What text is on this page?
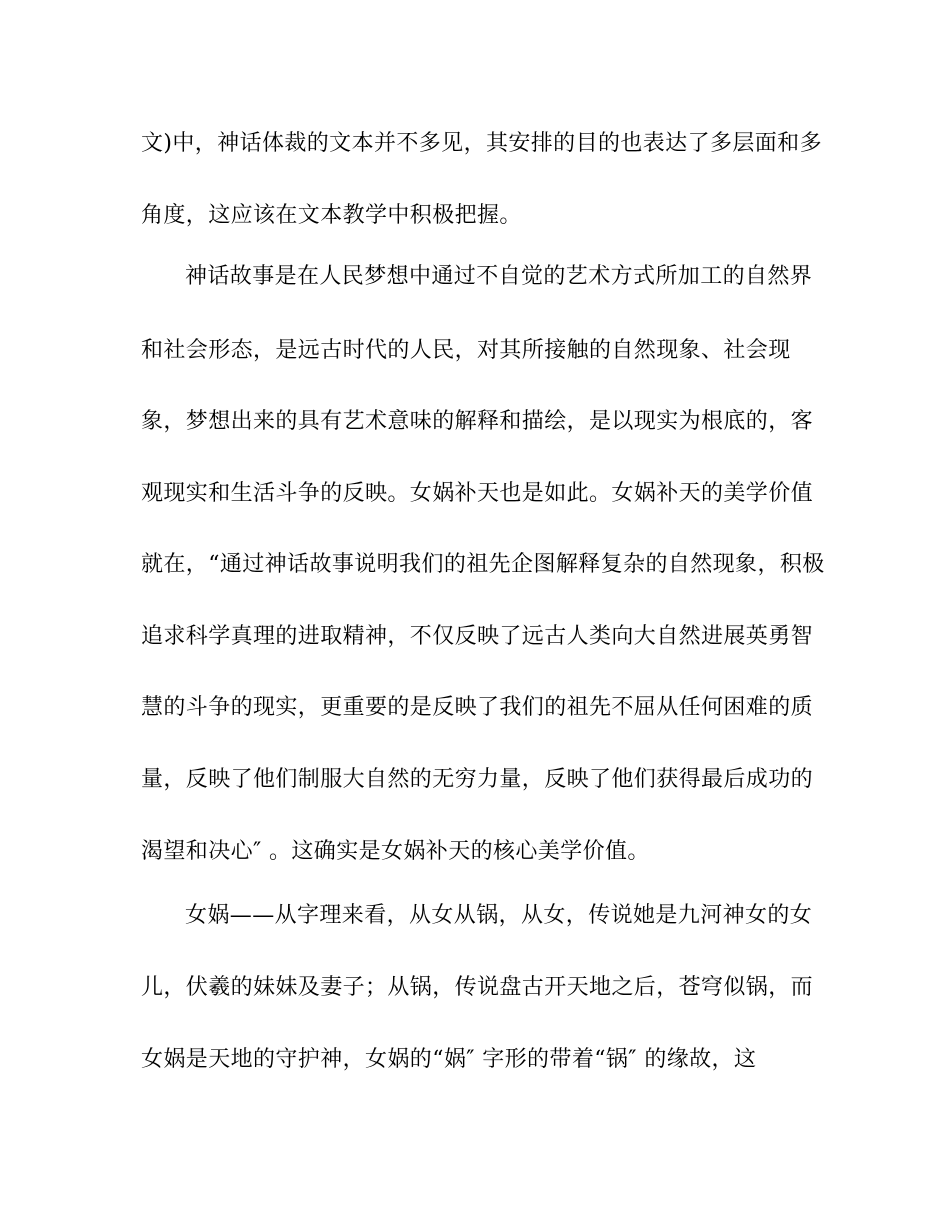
文)中，神话体裁的文本并不多见，其安排的目的也表达了多层面和多
角度，这应该在文本教学中积极把握。
神话故事是在人民梦想中通过不自觉的艺术方式所加工的自然界
和社会形态，是远古时代的人民，对其所接触的自然现象、社会现
象，梦想出来的具有艺术意味的解释和描绘，是以现实为根底的，客
观现实和生活斗争的反映。女娲补天也是如此。女娲补天的美学价值
就在，“通过神话故事说明我们的祖先企图解释复杂的自然现象，积极
追求科学真理的进取精神，不仅反映了远古人类向大自然进展英勇智
慧的斗争的现实，更重要的是反映了我们的祖先不屈从任何困难的质
量，反映了他们制服大自然的无穷力量，反映了他们获得最后成功的
渴望和决心″ 。这确实是女娲补天的核心美学价值。
女娲——从字理来看，从女从锅，从女，传说她是九河神女的女
儿，伏羲的妹妹及妻子；从锅，传说盘古开天地之后，苍穹似锅，而
女娲是天地的守护神，女娲的“娲″ 字形的带着“锅″ 的缘故，这
